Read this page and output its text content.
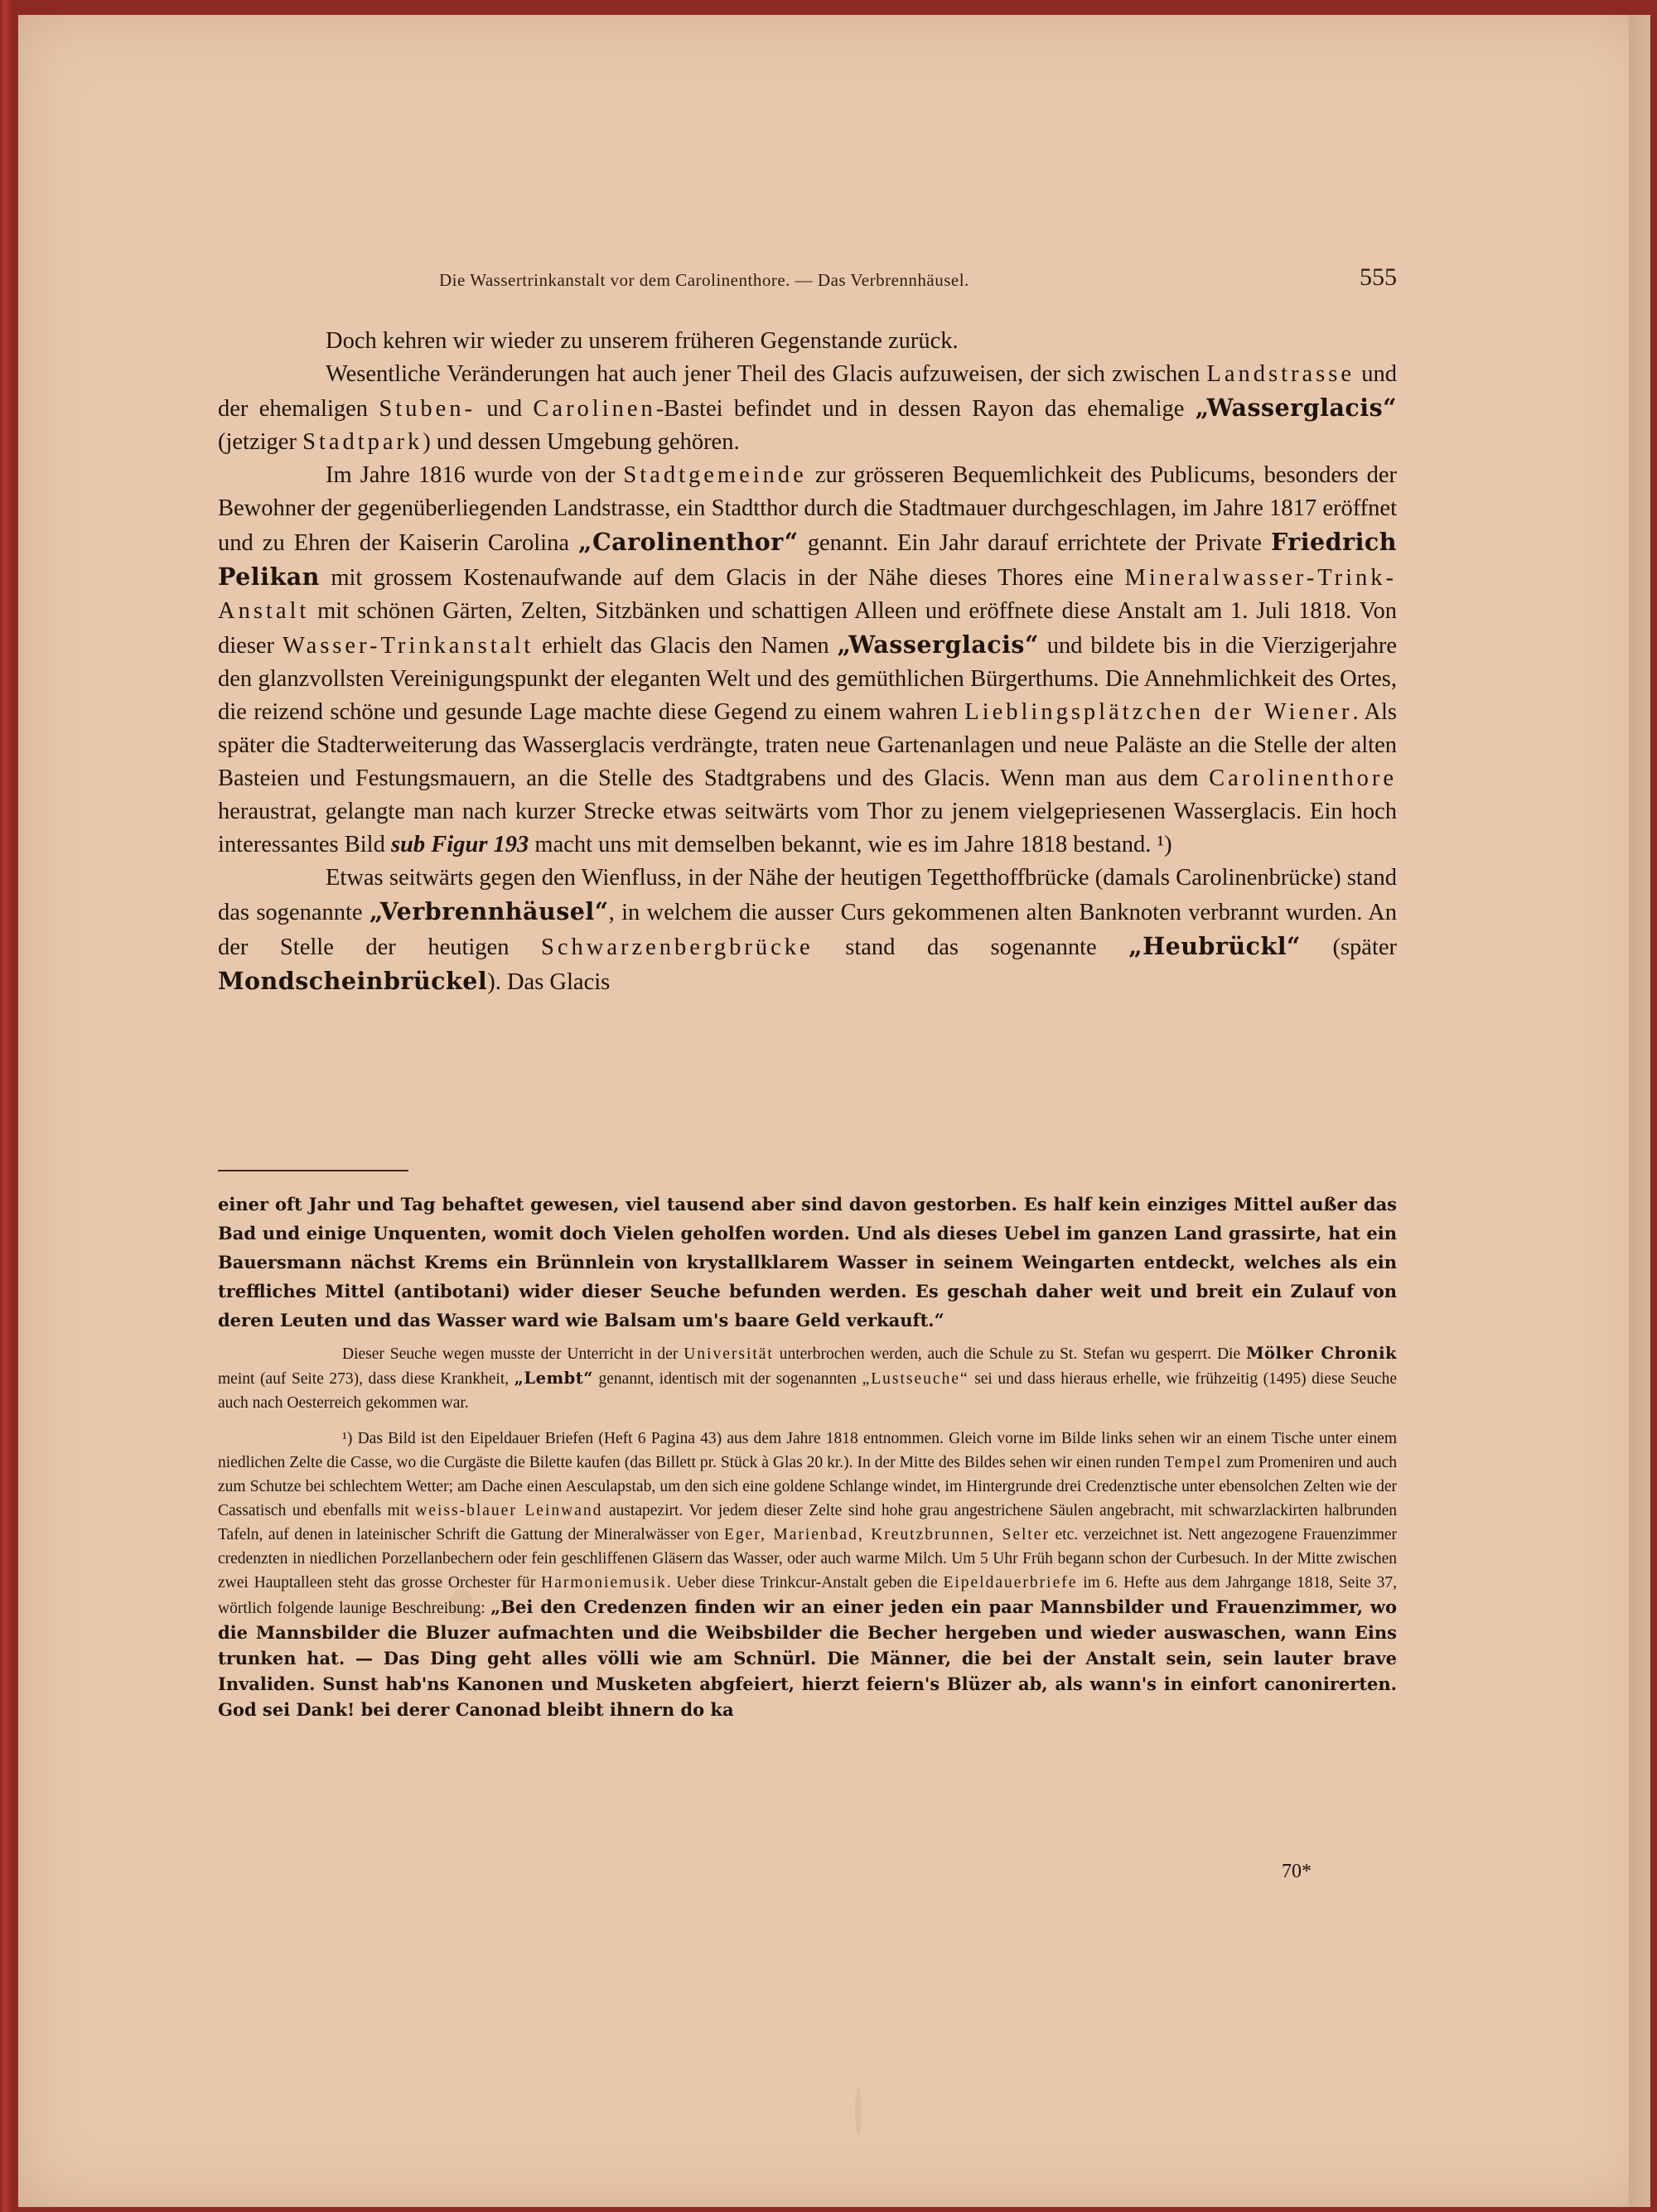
Die Wassertrinkanstalt vor dem Carolinenthore. — Das Verbrennhäusel.	555

Doch kehren wir wieder zu unserem früheren Gegenstande zurück.

Wesentliche Veränderungen hat auch jener Theil des Glacis aufzuweisen, der sich zwischen Landstrasse und der ehemaligen Stuben- und Carolinen-Bastei befindet und in dessen Rayon das ehemalige „Wasserglacis“ (jetziger Stadtpark) und dessen Umgebung gehören.

Im Jahre 1816 wurde von der Stadtgemeinde zur grösseren Bequemlichkeit des Publicums, besonders der Bewohner der gegenüberliegenden Landstrasse, ein Stadtthor durch die Stadtmauer durchgeschlagen, im Jahre 1817 eröffnet und zu Ehren der Kaiserin Carolina „Carolinenthor“ genannt. Ein Jahr darauf errichtete der Private Friedrich Pelikan mit grossem Kostenaufwande auf dem Glacis in der Nähe dieses Thores eine Mineralwasser-Trink-Anstalt mit schönen Gärten, Zelten, Sitzbänken und schattigen Alleen und eröffnete diese Anstalt am 1. Juli 1818. Von dieser Wasser-Trinkanstalt erhielt das Glacis den Namen „Wasserglacis“ und bildete bis in die Vierzigerjahre den glanzvollsten Vereinigungspunkt der eleganten Welt und des gemüthlichen Bürgerthums. Die Annehmlichkeit des Ortes, die reizend schöne und gesunde Lage machte diese Gegend zu einem wahren Lieblingsplätzchen der Wiener. Als später die Stadterweiterung das Wasserglacis verdrängte, traten neue Gartenanlagen und neue Paläste an die Stelle der alten Basteien und Festungsmauern, an die Stelle des Stadtgrabens und des Glacis. Wenn man aus dem Carolinenthore heraustrat, gelangte man nach kurzer Strecke etwas seitwärts vom Thor zu jenem vielgepriesenen Wasserglacis. Ein hoch interessantes Bild sub Figur 193 macht uns mit demselben bekannt, wie es im Jahre 1818 bestand. ¹)

Etwas seitwärts gegen den Wienfluss, in der Nähe der heutigen Tegetthoffbrücke (damals Carolinenbrücke) stand das sogenannte „Verbrennhäusel“, in welchem die ausser Curs gekommenen alten Banknoten verbrannt wurden. An der Stelle der heutigen Schwarzenbergbrücke stand das sogenannte „Heubrückl“ (später Mondscheinbrückel). Das Glacis

einer oft Jahr und Tag behaftet gewesen, viel tausend aber sind davon gestorben. Es half kein einziges Mittel außer das Bad und einige Unquenten, womit doch Vielen geholfen worden. Und als dieses Uebel im ganzen Land grassirte, hat ein Bauersmann nächst Krems ein Brünnlein von krystallklarem Wasser in seinem Weingarten entdeckt, welches als ein treffliches Mittel (antibotani) wider dieser Seuche befunden werden. Es geschah daher weit und breit ein Zulauf von deren Leuten und das Wasser ward wie Balsam um's baare Geld verkauft.“

Dieser Seuche wegen musste der Unterricht in der Universität unterbrochen werden, auch die Schule zu St. Stefan wu gesperrt. Die Mölker Chronik meint (auf Seite 273), dass diese Krankheit, „Lembt“ genannt, identisch mit der sogenannten „Lustseuche“ sei und dass hieraus erhelle, wie frühzeitig (1495) diese Seuche auch nach Oesterreich gekommen war.

¹) Das Bild ist den Eipeldauer Briefen (Heft 6 Pagina 43) aus dem Jahre 1818 entnommen. Gleich vorne im Bilde links sehen wir an einem Tische unter einem niedlichen Zelte die Casse, wo die Curgäste die Bilette kaufen (das Billett pr. Stück à Glas 20 kr.). In der Mitte des Bildes sehen wir einen runden Tempel zum Promeniren und auch zum Schutze bei schlechtem Wetter; am Dache einen Aesculapstab, um den sich eine goldene Schlange windet, im Hintergrunde drei Credenztische unter ebensolchen Zelten wie der Cassatisch und ebenfalls mit weiss-blauer Leinwand austapezirt. Vor jedem dieser Zelte sind hohe grau angestrichene Säulen angebracht, mit schwarzlackirten halbrunden Tafeln, auf denen in lateinischer Schrift die Gattung der Mineralwässer von Eger, Marienbad, Kreutzbrunnen, Selter etc. verzeichnet ist. Nett angezogene Frauenzimmer credenzten in niedlichen Porzellanbechern oder fein geschliffenen Gläsern das Wasser, oder auch warme Milch. Um 5 Uhr Früh begann schon der Curbesuch. In der Mitte zwischen zwei Hauptalleen steht das grosse Orchester für Harmoniemusik. Ueber diese Trinkcur-Anstalt geben die Eipeldauerbriefe im 6. Hefte aus dem Jahrgange 1818, Seite 37, wörtlich folgende launige Beschreibung: „Bei den Credenzen finden wir an einer jeden ein paar Mannsbilder und Frauenzimmer, wo die Mannsbilder die Bluzer aufmachten und die Weibsbilder die Becher hergeben und wieder auswaschen, wann Eins trunken hat. — Das Ding geht alles völli wie am Schnürl. Die Männer, die bei der Anstalt sein, sein lauter brave Invaliden. Sunst hab'ns Kanonen und Musketen abgfeiert, hierzt feiern's Blüzer ab, als wann's in einfort canonirerten. God sei Dank! bei derer Canonad bleibt ihnern do ka

70*
